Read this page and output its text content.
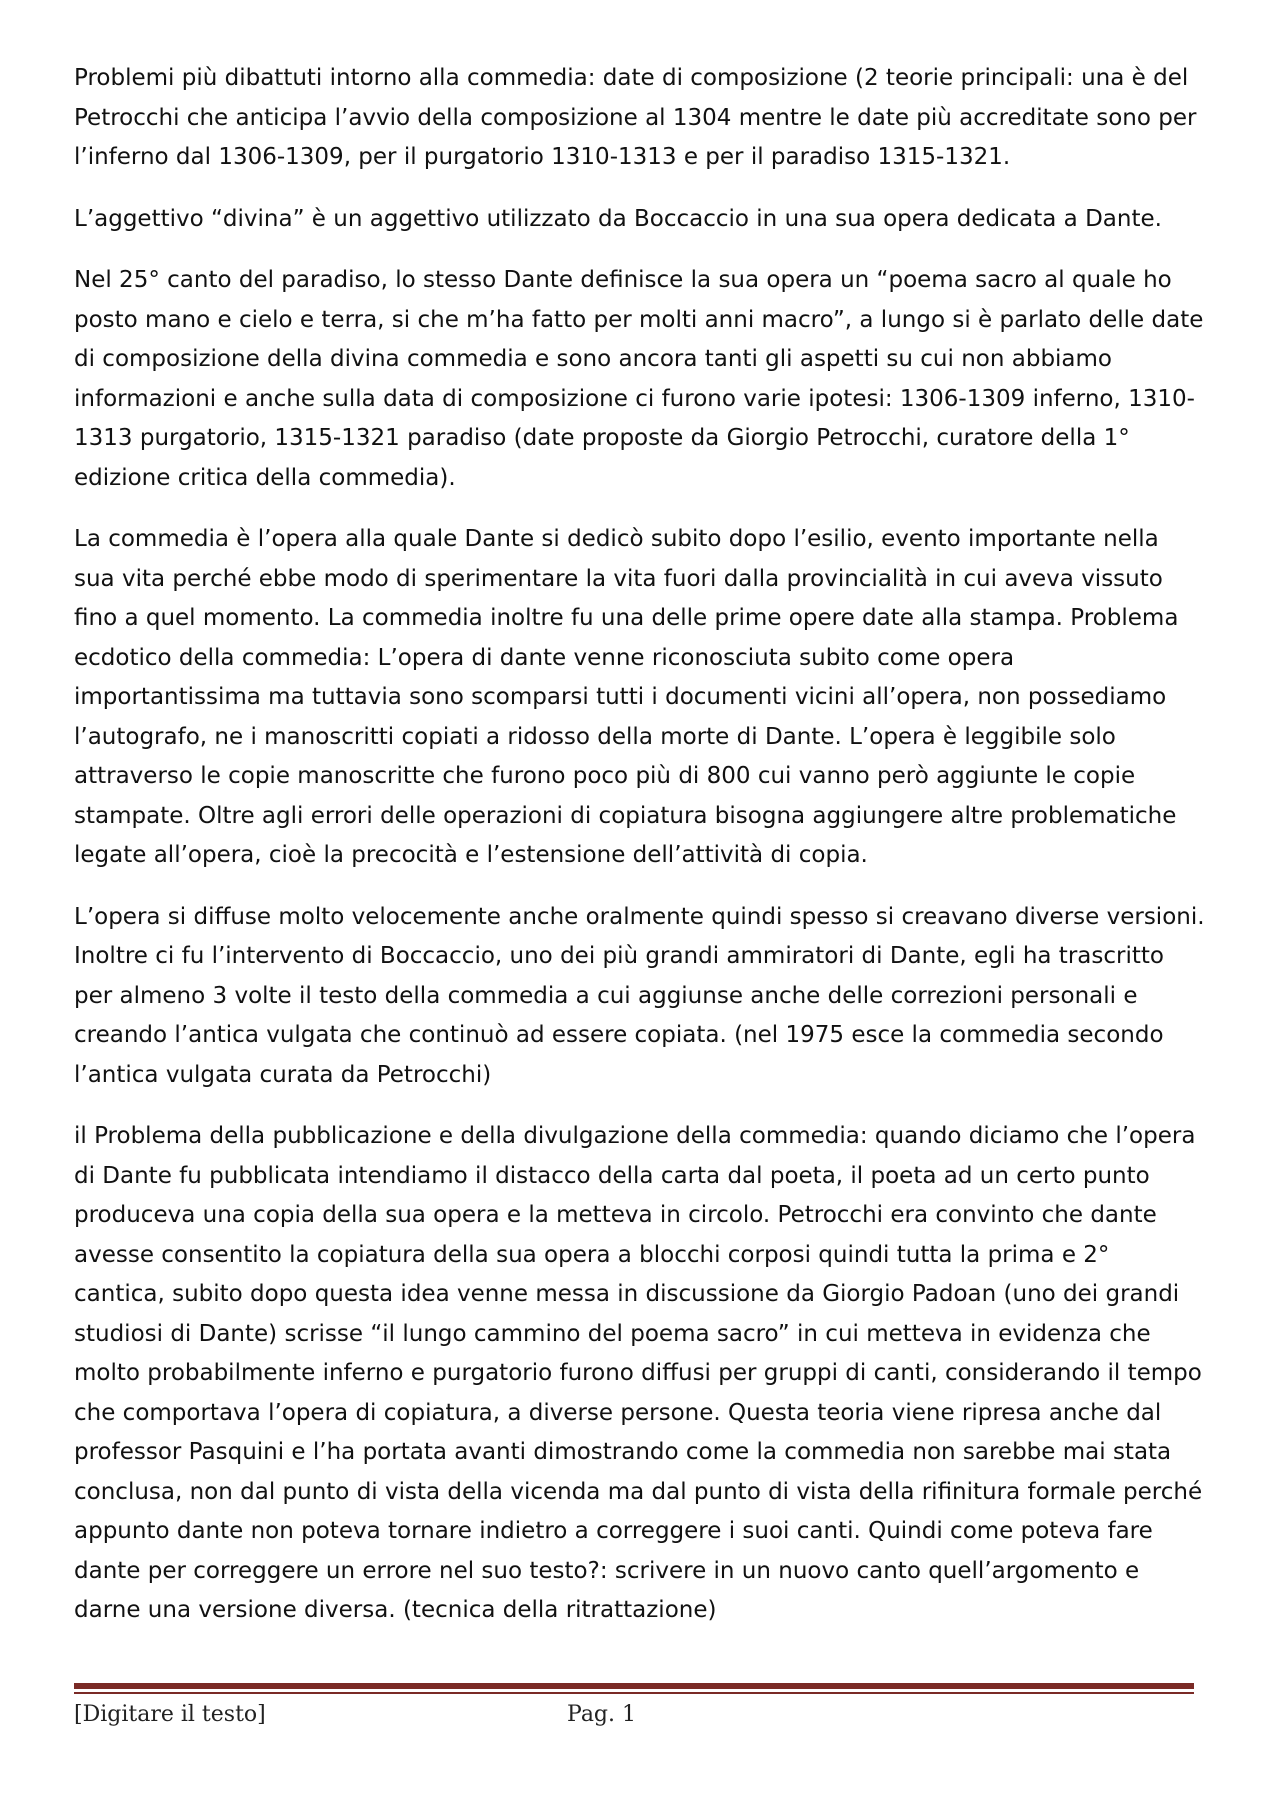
Problemi più dibattuti intorno alla commedia: date di composizione (2 teorie principali: una è del Petrocchi che anticipa l’avvio della composizione al 1304 mentre le date più accreditate sono per l’inferno dal 1306-1309, per il purgatorio 1310-1313 e per il paradiso 1315-1321.

L’aggettivo “divina” è un aggettivo utilizzato da Boccaccio in una sua opera dedicata a Dante.

Nel 25° canto del paradiso, lo stesso Dante definisce la sua opera un “poema sacro al quale ho posto mano e cielo e terra, si che m’ha fatto per molti anni macro”, a lungo si è parlato delle date di composizione della divina commedia e sono ancora tanti gli aspetti su cui non abbiamo informazioni e anche sulla data di composizione ci furono varie ipotesi: 1306-1309 inferno, 1310-1313 purgatorio, 1315-1321 paradiso (date proposte da Giorgio Petrocchi, curatore della 1° edizione critica della commedia).

La commedia è l’opera alla quale Dante si dedicò subito dopo l’esilio, evento importante nella sua vita perché ebbe modo di sperimentare la vita fuori dalla provincialità in cui aveva vissuto fino a quel momento. La commedia inoltre fu una delle prime opere date alla stampa. Problema ecdotico della commedia: L’opera di dante venne riconosciuta subito come opera importantissima ma tuttavia sono scomparsi tutti i documenti vicini all’opera, non possediamo l’autografo, ne i manoscritti copiati a ridosso della morte di Dante. L’opera è leggibile solo attraverso le copie manoscritte che furono poco più di 800 cui vanno però aggiunte le copie stampate. Oltre agli errori delle operazioni di copiatura bisogna aggiungere altre problematiche legate all’opera, cioè la precocità e l’estensione dell’attività di copia.

L’opera si diffuse molto velocemente anche oralmente quindi spesso si creavano diverse versioni. Inoltre ci fu l’intervento di Boccaccio, uno dei più grandi ammiratori di Dante, egli ha trascritto per almeno 3 volte il testo della commedia a cui aggiunse anche delle correzioni personali e creando l’antica vulgata che continuò ad essere copiata. (nel 1975 esce la commedia secondo l’antica vulgata curata da Petrocchi)

il Problema della pubblicazione e della divulgazione della commedia: quando diciamo che l’opera di Dante fu pubblicata intendiamo il distacco della carta dal poeta, il poeta ad un certo punto produceva una copia della sua opera e la metteva in circolo. Petrocchi era convinto che dante avesse consentito la copiatura della sua opera a blocchi corposi quindi tutta la prima e 2° cantica, subito dopo questa idea venne messa in discussione da Giorgio Padoan (uno dei grandi studiosi di Dante) scrisse “il lungo cammino del poema sacro” in cui metteva in evidenza che molto probabilmente inferno e purgatorio furono diffusi per gruppi di canti, considerando il tempo che comportava l’opera di copiatura, a diverse persone. Questa teoria viene ripresa anche dal professor Pasquini e l’ha portata avanti dimostrando come la commedia non sarebbe mai stata conclusa, non dal punto di vista della vicenda ma dal punto di vista della rifinitura formale perché appunto dante non poteva tornare indietro a correggere i suoi canti. Quindi come poteva fare dante per correggere un errore nel suo testo?: scrivere in un nuovo canto quell’argomento e darne una versione diversa. (tecnica della ritrattazione)

[Digitare il testo]	Pag. 1
